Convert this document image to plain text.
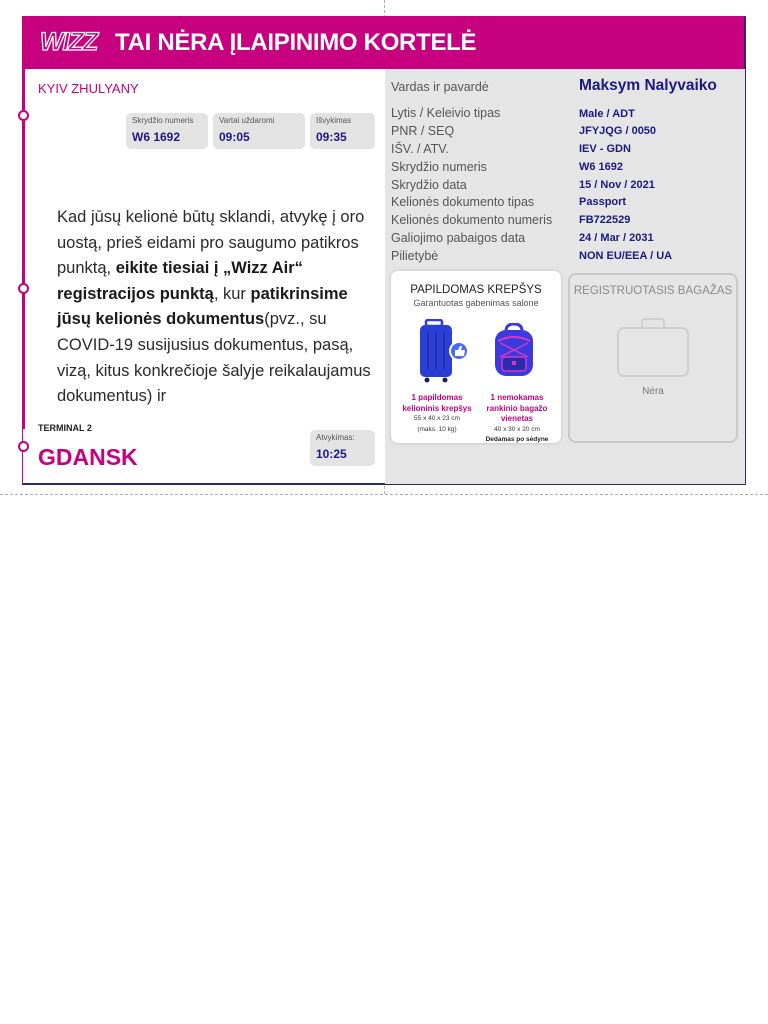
WIZZ TAI NĖRA ĮLAIPINIMO KORTELĖ
KYIV ZHULYANY
Skrydžio numeris
W6 1692
Vartai uždaromi
09:05
Išvykimas
09:35
Kad jūsų kelionė būtų sklandi, atvykę į oro uostą, prieš eidami pro saugumo patikros punktą, eikite tiesiai į „Wizz Air“ registracijos punktą, kur patikrinsime jūsų kelionės dokumentus(pvz., su COVID-19 susijusius dokumentus, pasą, vizą, kitus konkrečioje šalyje reikalaujamus dokumentus) ir
TERMINAL 2
GDANSK
Atvykimas:
10:25
Vardas ir pavardė	Maksym Nalyvaiko
Lytis / Keleivio tipas	Male / ADT
PNR / SEQ	JFYJQG / 0050
IŠV. / ATV.	IEV - GDN
Skrydžio numeris	W6 1692
Skrydžio data	15 / Nov / 2021
Kelionės dokumento tipas	Passport
Kelionės dokumento numeris FB722529
Galiojimo pabaigos data	24 / Mar / 2031
Pilietybė	NON EU/EEA / UA
PAPILDOMAS KREPŠYS
Garantuotas gabenimas salone
1 papildomas
kelioninis krepšys
55 x 40 x 23 cm
(maks. 10 kg)
1 nemokamas
rankinio bagažo
vienetas
40 x 30 x 20 cm
Dedamas po sėdyne
REGISTRUOTASIS BAGAŽAS
Nėra
